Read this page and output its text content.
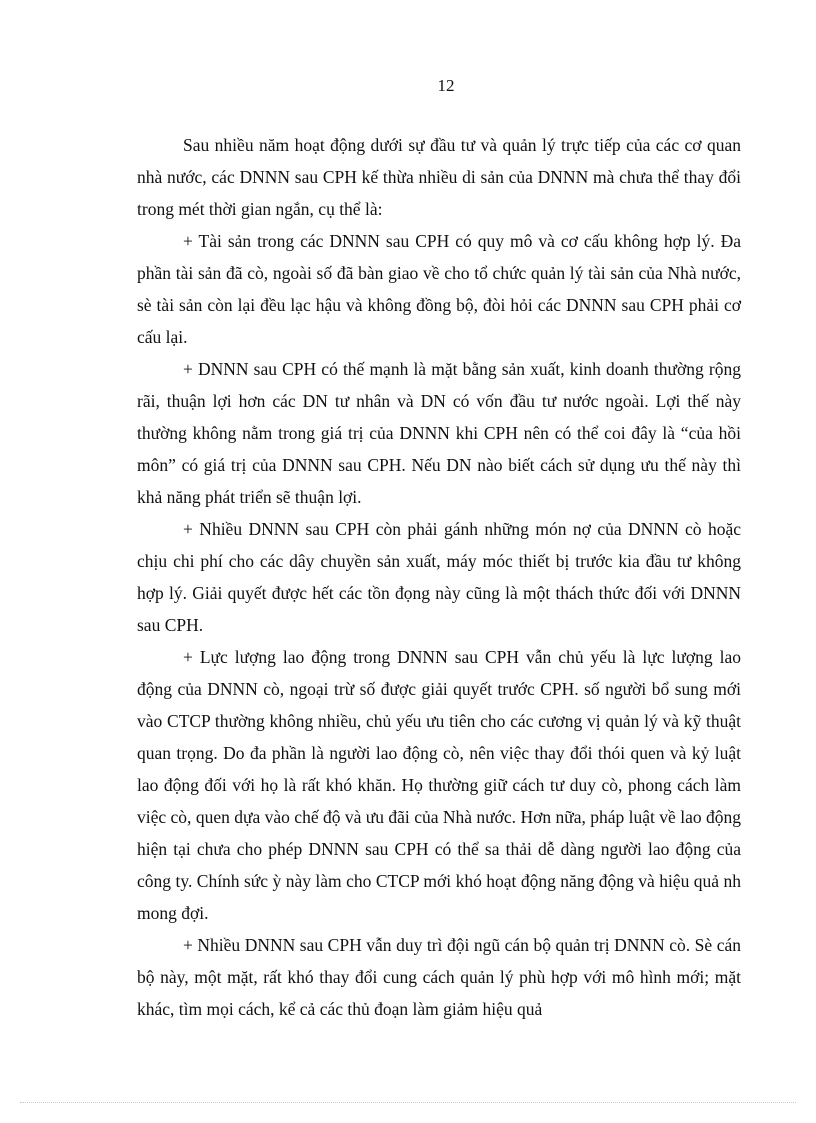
12

Sau nhiều năm hoạt động dưới sự đầu tư và quản lý trực tiếp của các cơ quan nhà nước, các DNNN sau CPH kế thừa nhiều di sản của DNNN mà chưa thể thay đổi trong mét thời gian ngắn, cụ thể là:

+ Tài sản trong các DNNN sau CPH có quy mô và cơ cấu không hợp lý. Đa phần tài sản đã cò, ngoài số đã bàn giao về cho tổ chức quản lý tài sản của Nhà nước, sè tài sản còn lại đều lạc hậu và không đồng bộ, đòi hỏi các DNNN sau CPH phải cơ cấu lại.

+ DNNN sau CPH có thế mạnh là mặt bằng sản xuất, kinh doanh thường rộng rãi, thuận lợi hơn các DN tư nhân và DN có vốn đầu tư nước ngoài. Lợi thế này thường không nằm trong giá trị của DNNN khi CPH nên có thể coi đây là “của hồi môn” có giá trị của DNNN sau CPH. Nếu DN nào biết cách sử dụng ưu thế này thì khả năng phát triển sẽ thuận lợi.

+ Nhiều DNNN sau CPH còn phải gánh những món nợ của DNNN cò hoặc chịu chi phí cho các dây chuyền sản xuất, máy móc thiết bị trước kia đầu tư không hợp lý. Giải quyết được hết các tồn đọng này cũng là một thách thức đối với DNNN sau CPH.

+ Lực lượng lao động trong DNNN sau CPH vẫn chủ yếu là lực lượng lao động của DNNN cò, ngoại trừ số được giải quyết trước CPH. số người bổ sung mới vào CTCP thường không nhiều, chủ yếu ưu tiên cho các cương vị quản lý và kỹ thuật quan trọng. Do đa phần là người lao động cò, nên việc thay đổi thói quen và kỷ luật lao động đối với họ là rất khó khăn. Họ thường giữ cách tư duy cò, phong cách làm việc cò, quen dựa vào chế độ và ưu đãi của Nhà nước. Hơn nữa, pháp luật về lao động hiện tại chưa cho phép DNNN sau CPH có thể sa thải dễ dàng người lao động của công ty. Chính sức ỳ này làm cho CTCP mới khó hoạt động năng động và hiệu quả nh mong đợi.

+ Nhiều DNNN sau CPH vẫn duy trì đội ngũ cán bộ quản trị DNNN cò. Sè cán bộ này, một mặt, rất khó thay đổi cung cách quản lý phù hợp với mô hình mới; mặt khác, tìm mọi cách, kể cả các thủ đoạn làm giảm hiệu quả
